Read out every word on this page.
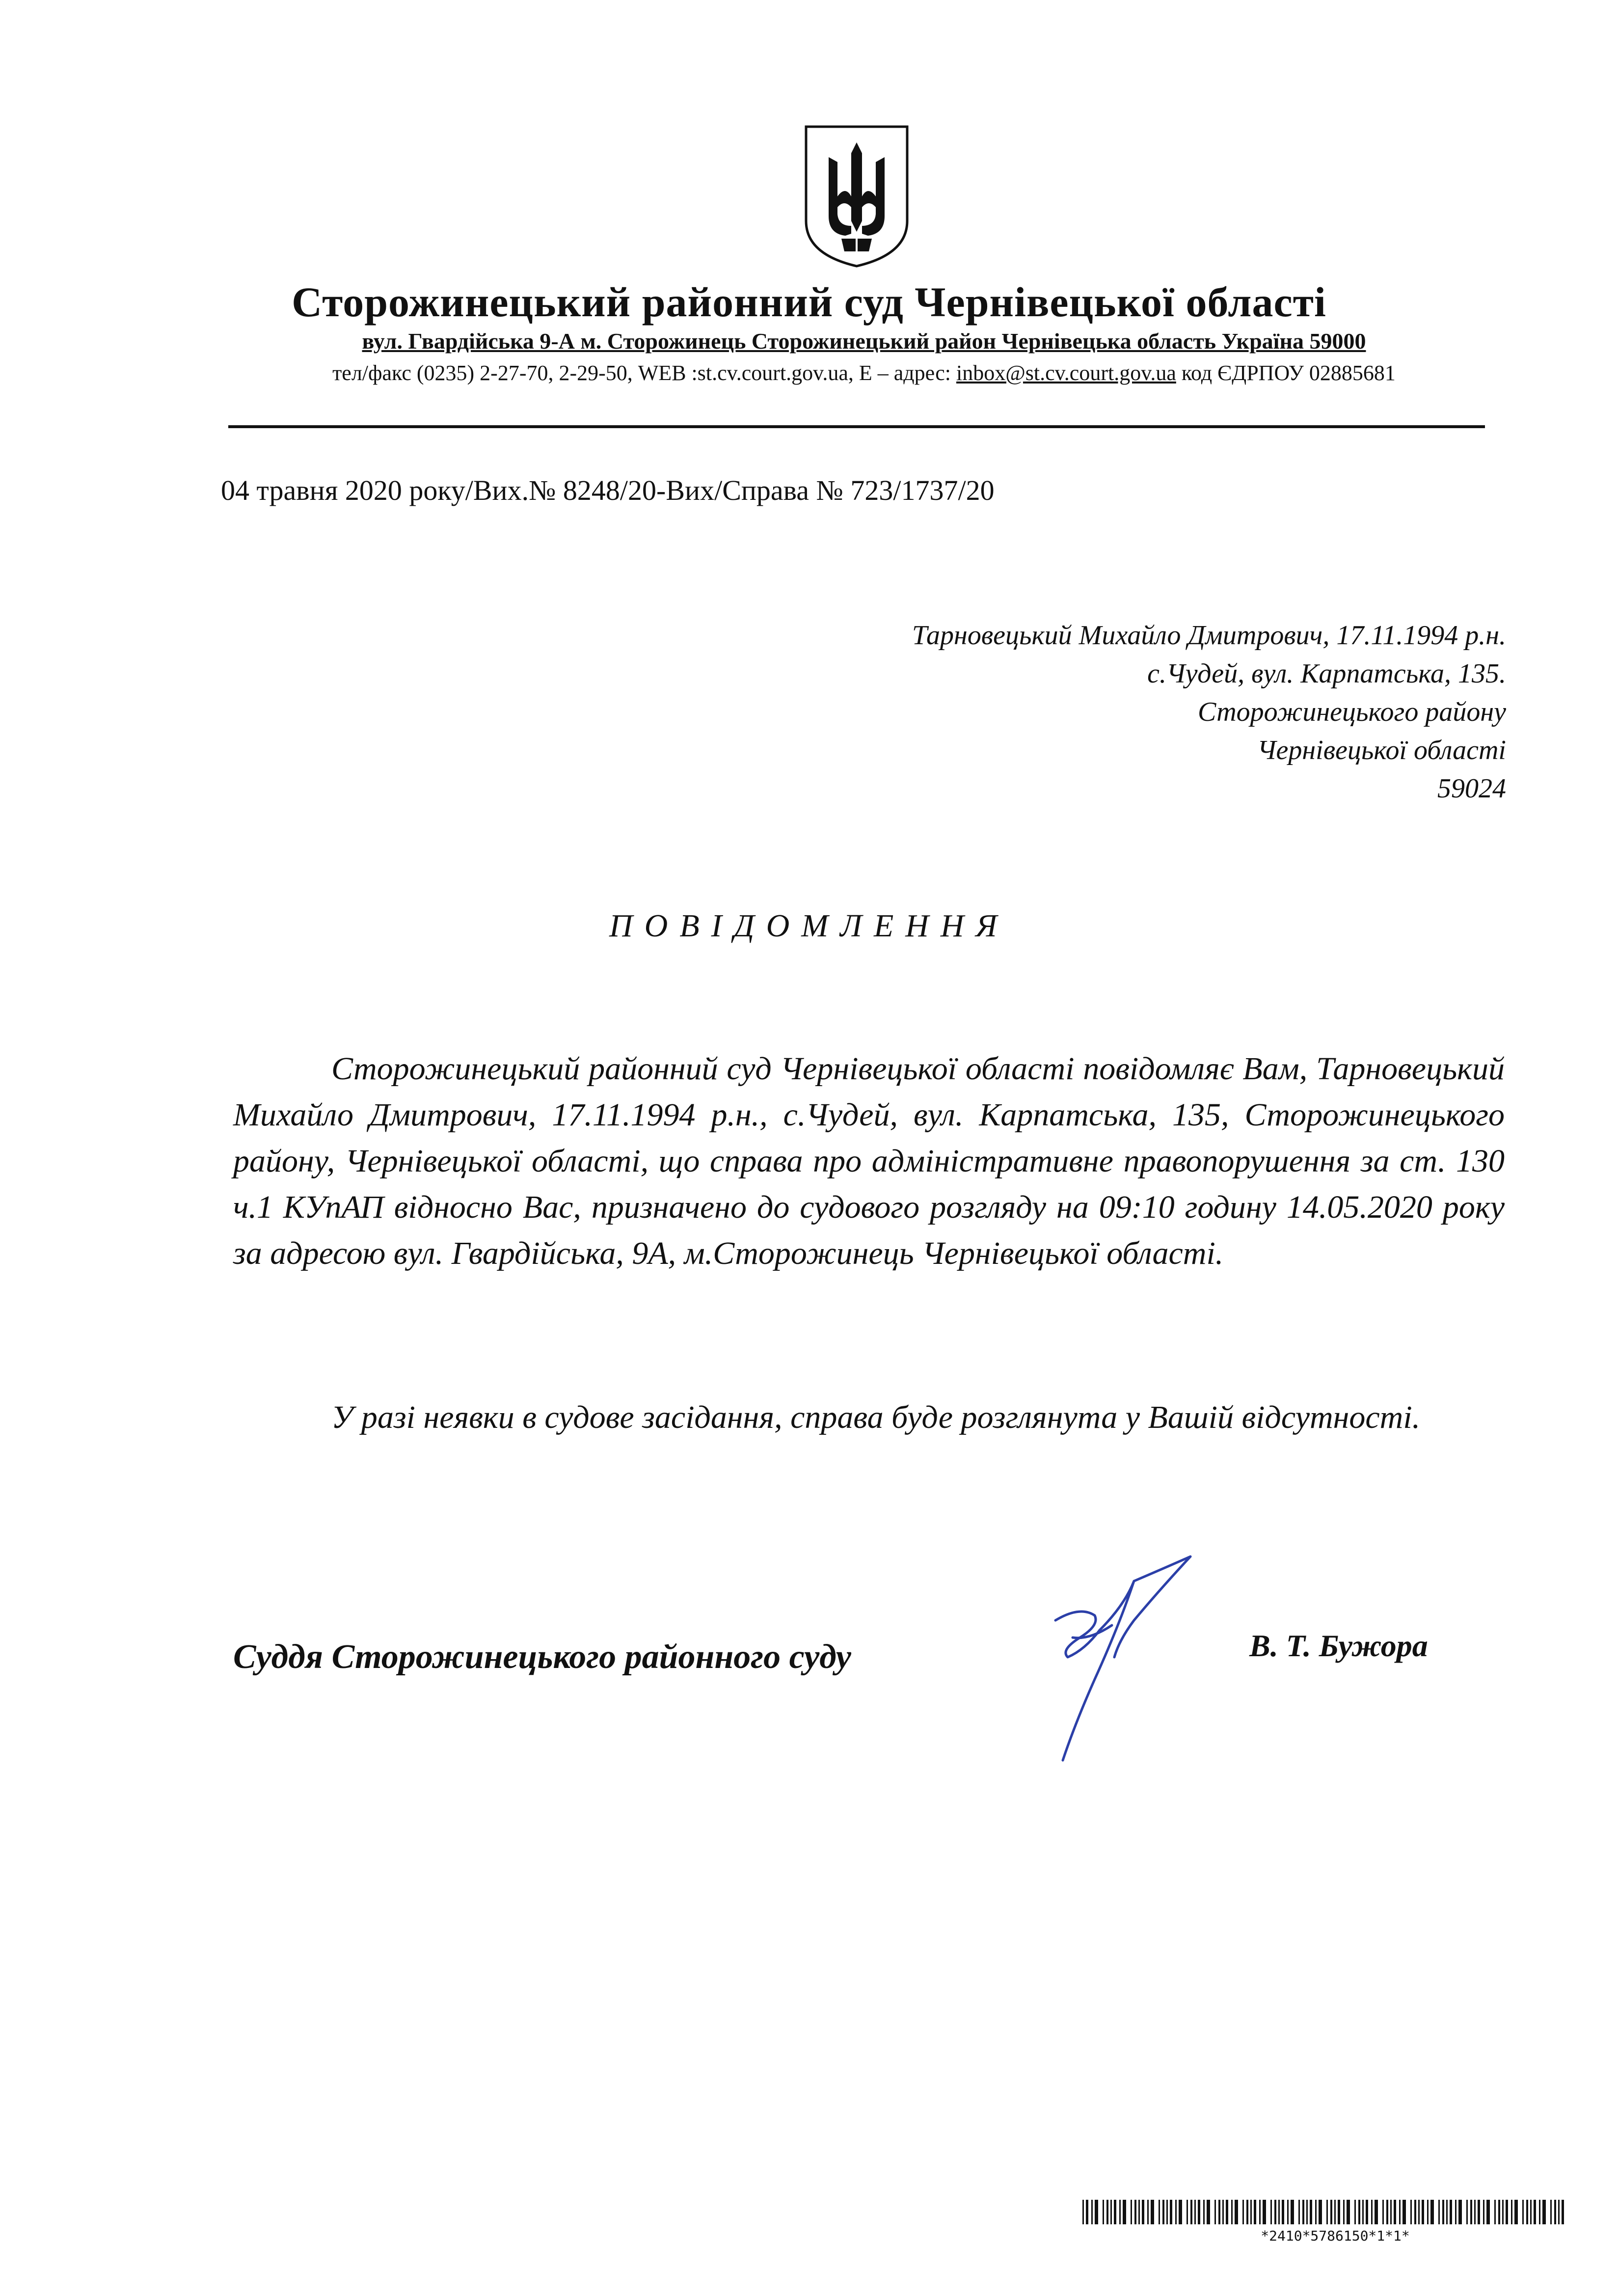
Сторожинецький районний суд Чернівецької області
вул. Гвардійська 9-А м. Сторожинець Сторожинецький район Чернівецька область Україна 59000
тел/факс (0235) 2-27-70, 2-29-50, WEB :st.cv.court.gov.ua, E – адрес: inbox@st.cv.court.gov.ua код ЄДРПОУ 02885681
04 травня 2020 року/Вих.№ 8248/20-Вих/Справа № 723/1737/20
Тарновецький Михайло Дмитрович, 17.11.1994 р.н.
с.Чудей, вул. Карпатська, 135.
Сторожинецького району
Чернівецької області
59024
ПОВІДОМЛЕННЯ

Сторожинецький районний суд Чернівецької області повідомляє Вам, Тарновецький Михайло Дмитрович, 17.11.1994 р.н., с.Чудей, вул. Карпатська, 135, Сторожинецького району, Чернівецької області, що справа про адміністративне правопорушення за ст. 130 ч.1 КУпАП відносно Вас, призначено до судового розгляду на 09:10 годину 14.05.2020 року за адресою вул. Гвардійська, 9А, м.Сторожинець Чернівецької області.

У разі неявки в судове засідання, справа буде розглянута у Вашій відсутності.

Суддя Сторожинецького районного суду	В. Т. Бужора
*2410*5786150*1*1*
